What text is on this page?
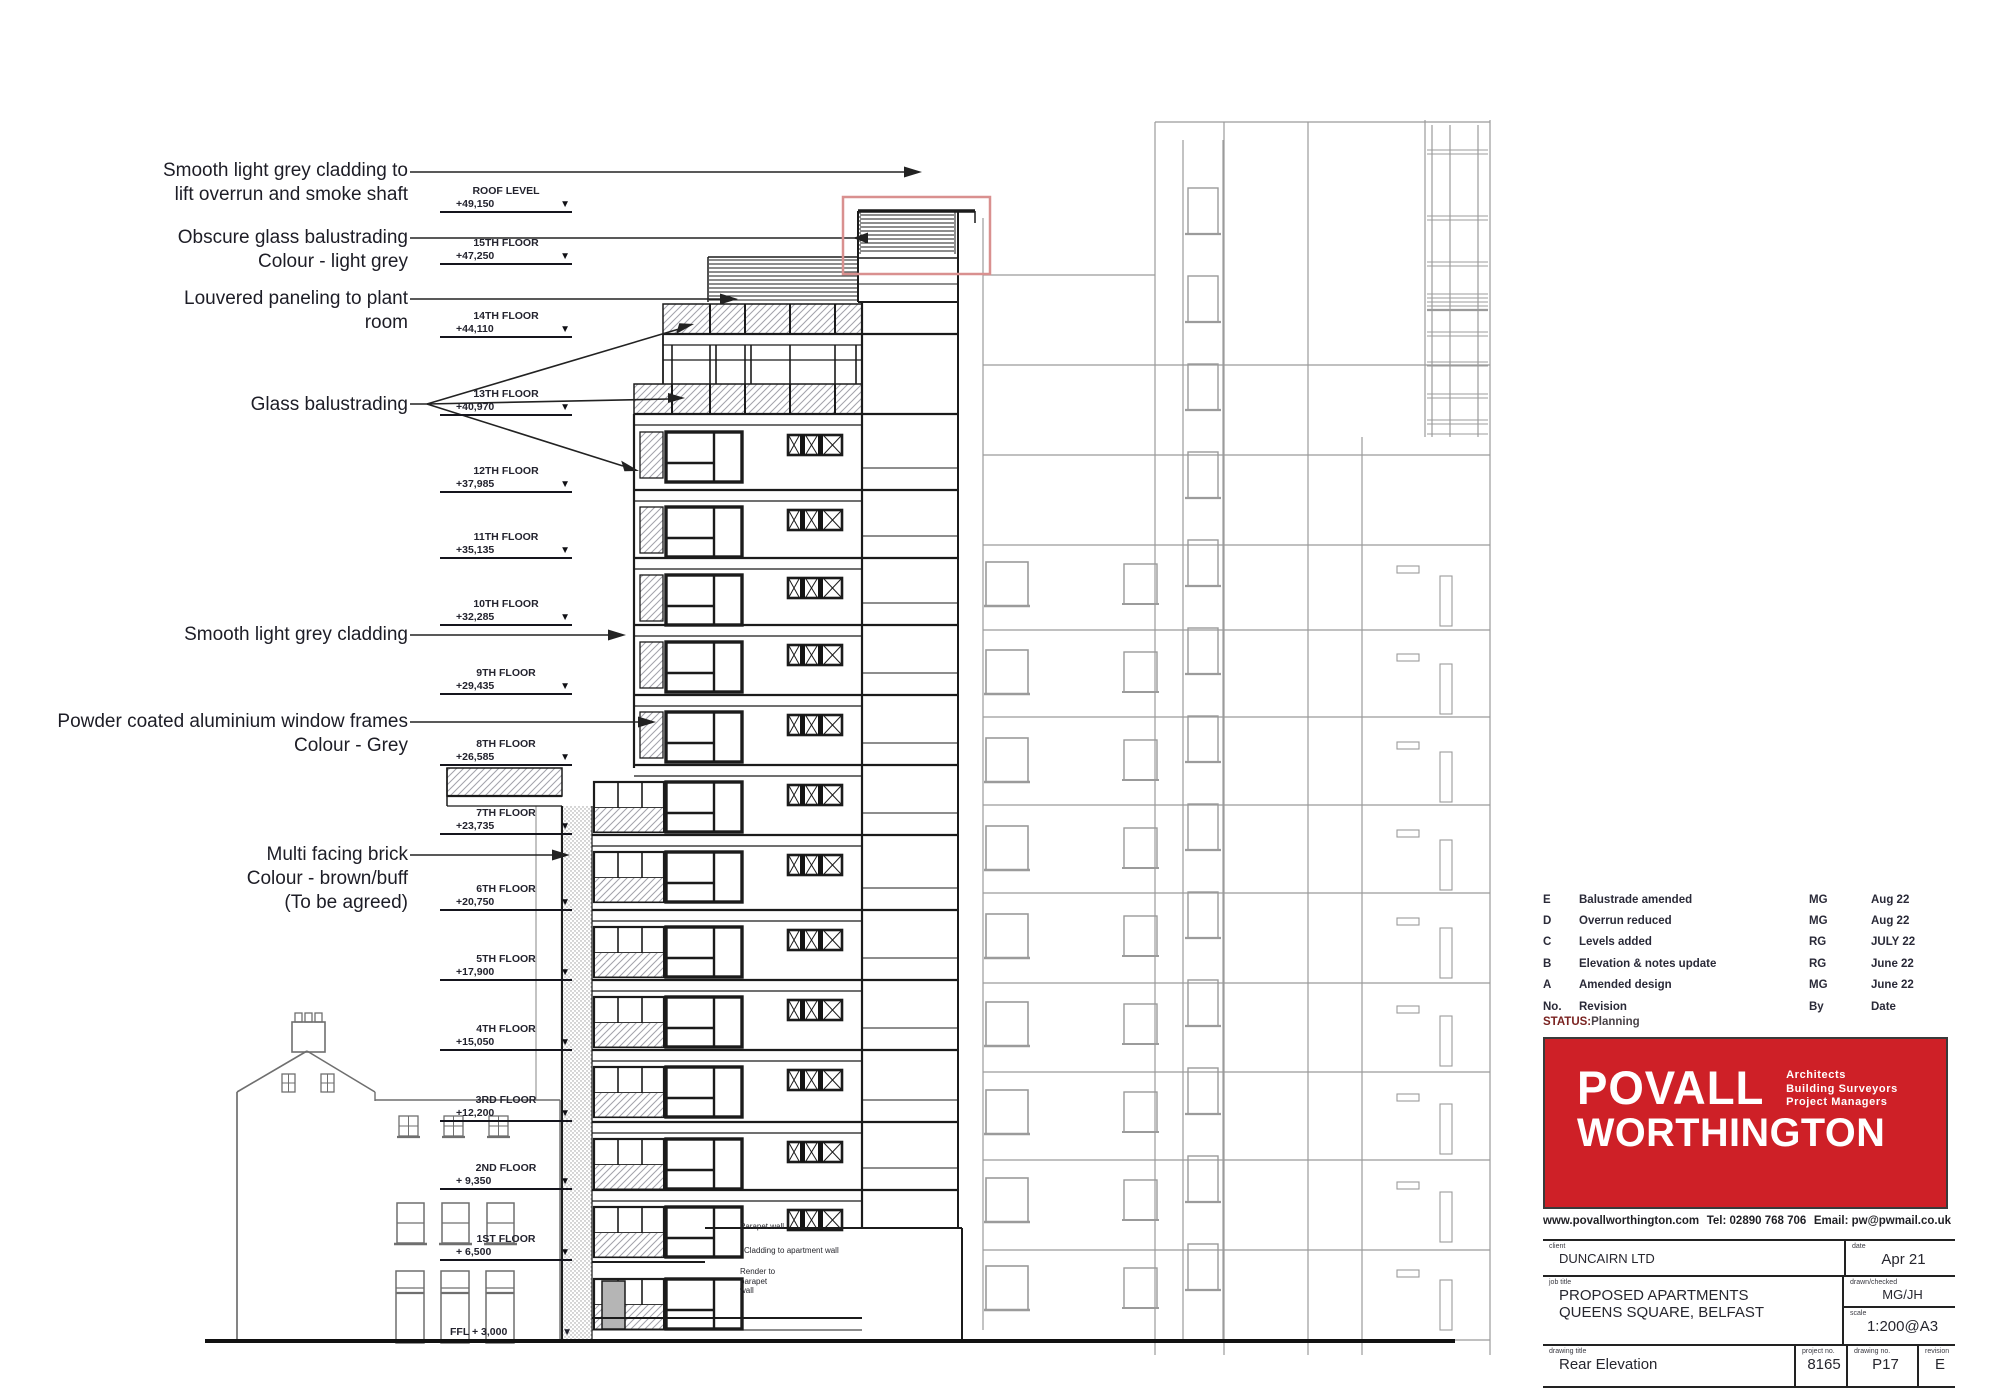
Smooth light grey cladding to
lift overrun and smoke shaft
Obscure glass balustrading
Colour - light grey
Louvered paneling to plant
room
Glass balustrading
Smooth light grey cladding
Powder coated aluminium window frames
Colour - Grey
Multi facing brick
Colour - brown/buff
(To be agreed)
ROOF LEVEL
+49,150	▼
15TH FLOOR
+47,250	▼
14TH FLOOR
+44,110	▼
13TH FLOOR
+40,970	▼
12TH FLOOR
+37,985	▼
11TH FLOOR
+35,135	▼
10TH FLOOR
+32,285	▼
9TH FLOOR
+29,435	▼
8TH FLOOR
+26,585	▼
7TH FLOOR
+23,735	▼
6TH FLOOR
+20,750	▼
5TH FLOOR
+17,900	▼
4TH FLOOR
+15,050	▼
3RD FLOOR
+12,200	▼
2ND FLOOR
+ 9,350	▼
1ST FLOOR
+ 6,500	▼
FFL + 3,000	▼
Parapet wall
Cladding to apartment wall
Render to
parapet
wall
E	Balustrade amended	MG	Aug 22
D	Overrun reduced	MG	Aug 22
C	Levels added	RG	JULY 22
B	Elevation & notes update	RG	June 22
A	Amended design	MG	June 22
No.	Revision	By	Date
STATUS:Planning
POVALL Architects
Building Surveyors
Project Managers
WORTHINGTON
www.povallworthington.com Tel: 02890 768 706 Email: pw@pwmail.co.uk
client
DUNCAIRN LTD
date
Apr 21
job title
PROPOSED APARTMENTS
QUEENS SQUARE, BELFAST
drawn/checked
MG/JH
scale
1:200@A3
drawing title
Rear Elevation
project no.
8165
drawing no.
P17
revision
E
